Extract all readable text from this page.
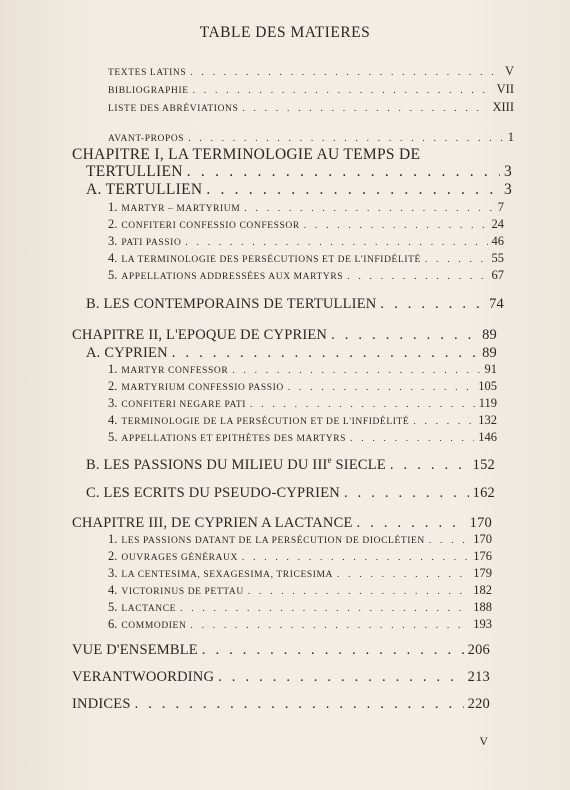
TABLE DES MATIERES
TEXTES LATINS . . .	V
BIBLIOGRAPHIE . . .	VII
LISTE DES ABRÉVIATIONS . . .	XIII
AVANT-PROPOS . . .	1
CHAPITRE I, LA TERMINOLOGIE AU TEMPS DE
TERTULLIEN . . .	3
A. TERTULLIEN . . .	3
1. MARTYR – MARTYRIUM . . .	7
2. CONFITERI CONFESSIO CONFESSOR . . .	24
3. PATI PASSIO . . .	46
4. LA TERMINOLOGIE DES PERSÉCUTIONS ET DE L'INFIDÉLITÉ . . .	55
5. APPELLATIONS ADDRESSÉES AUX MARTYRS . . .	67
B. LES CONTEMPORAINS DE TERTULLIEN . . .	74
CHAPITRE II, L'EPOQUE DE CYPRIEN . . .	89
A. CYPRIEN . . .	89
1. MARTYR CONFESSOR . . .	91
2. MARTYRIUM CONFESSIO PASSIO . . .	105
3. CONFITERI NEGARE PATI . . .	119
4. TERMINOLOGIE DE LA PERSÉCUTION ET DE L'INFIDÉLITÉ . . .	132
5. APPELLATIONS ET EPITHÈTES DES MARTYRS . . .	146
B. LES PASSIONS DU MILIEU DU IIIe SIECLE . . .	152
C. LES ECRITS DU PSEUDO-CYPRIEN . . .	162
CHAPITRE III, DE CYPRIEN A LACTANCE . . .	170
1. LES PASSIONS DATANT DE LA PERSÉCUTION DE DIOCLÉTIEN . . .	170
2. OUVRAGES GÉNÉRAUX . . .	176
3. LA CENTESIMA, SEXAGESIMA, TRICESIMA . . .	179
4. VICTORINUS DE PETTAU . . .	182
5. LACTANCE . . .	188
6. COMMODIEN . . .	193
VUE D'ENSEMBLE . . .	206
VERANTWOORDING . . .	213
INDICES . . .	220
V
